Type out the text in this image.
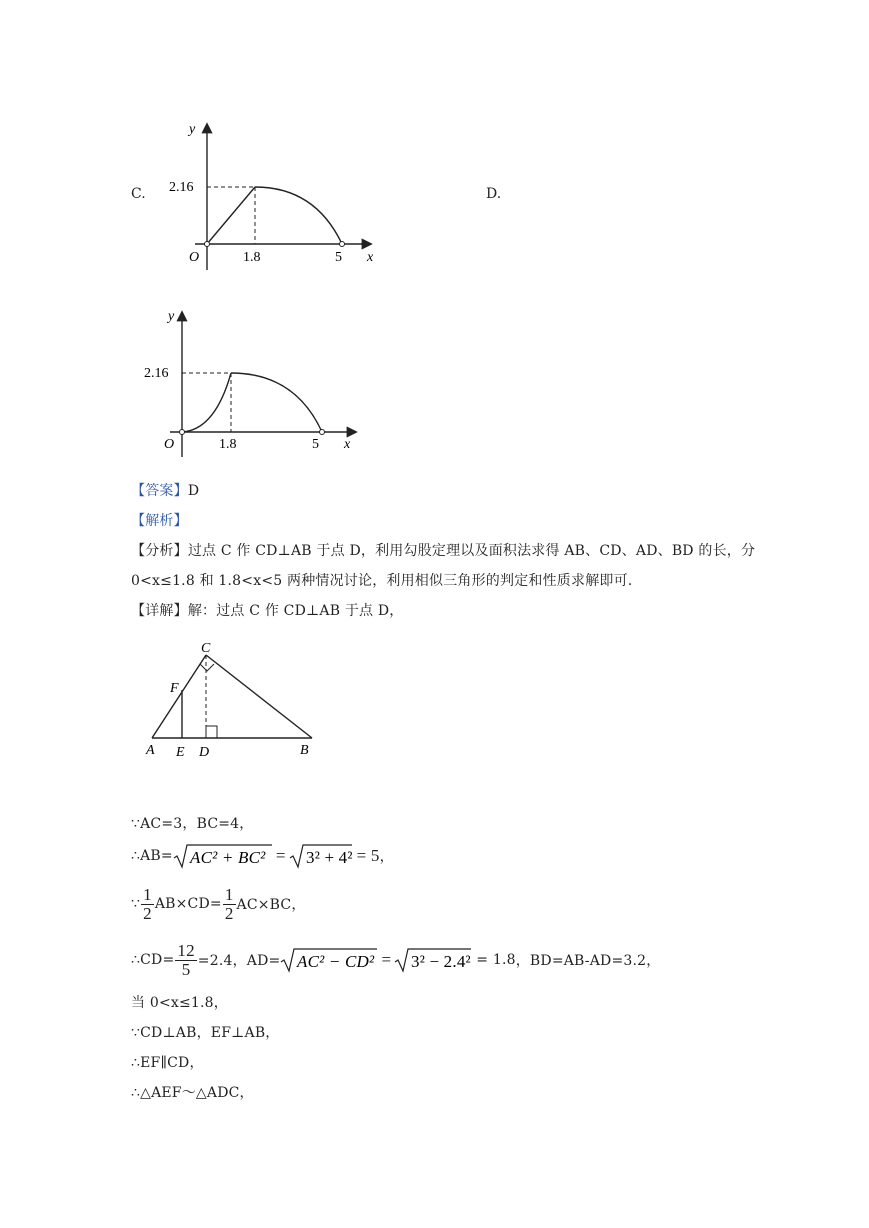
C.
y
x
O
2.16
1.8	5
D.
y
x
O
2.16
1.8	5
【答案】D
【解析】
【分析】过点 C 作 CD⊥AB 于点 D，利用勾股定理以及面积法求得 AB、CD、AD、BD 的长，分
0<x≤1.8 和 1.8<x<5 两种情况讨论，利用相似三角形的判定和性质求解即可.
【详解】解：过点 C 作 CD⊥AB 于点 D，
C
F
A E D	B
∵AC=3，BC=4，
∴AB= AC² + BC² = 3² + 4² = 5 ，
∵ $\frac{1}{2} AB\times CD= \frac{1}{2} AC\times BC$，
∴CD= $\frac{12}{5} =2.4$，AD= AC² − CD² = 3² − 2.4² = 1.8 ，BD=AB-AD=3.2，
当 0<x≤1.8，
∵CD⊥AB，EF⊥AB，
∴EF∥CD，
∴△AEF～△ADC，
